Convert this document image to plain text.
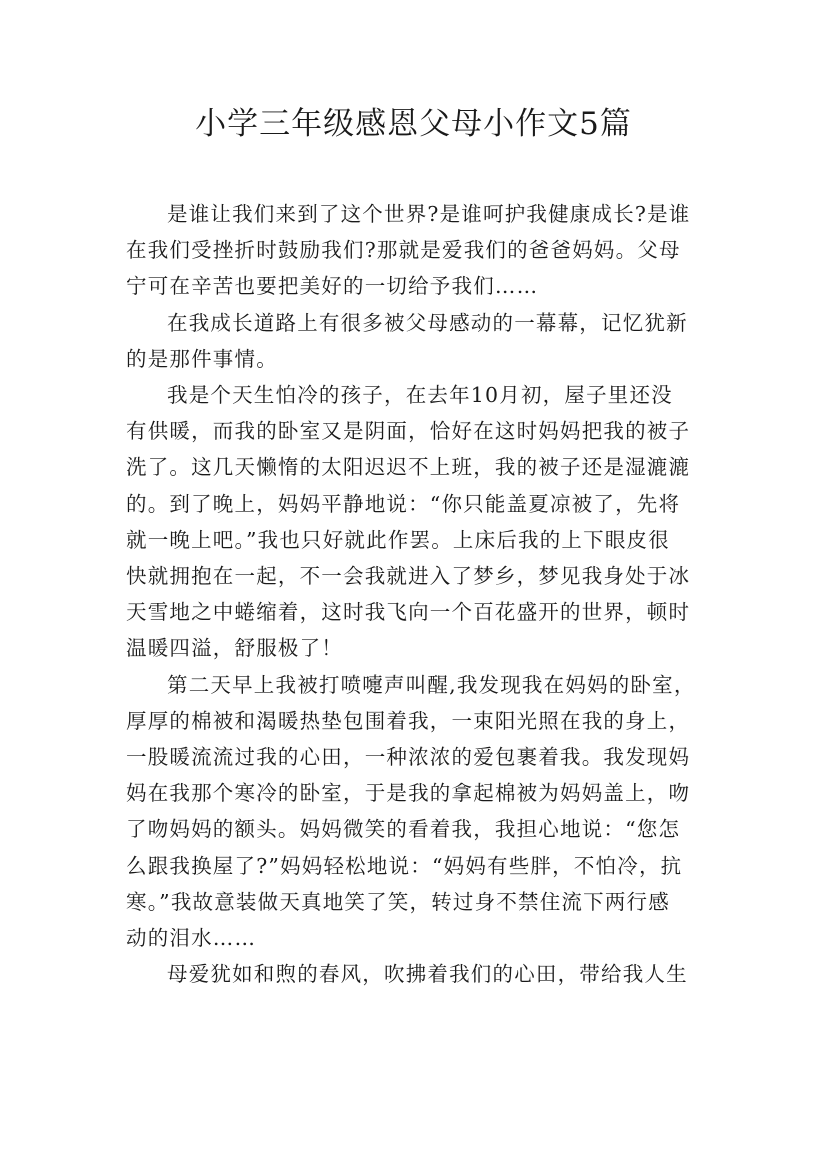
小学三年级感恩父母小作文5篇

是谁让我们来到了这个世界?是谁呵护我健康成长?是谁
在我们受挫折时鼓励我们?那就是爱我们的爸爸妈妈。父母
宁可在辛苦也要把美好的一切给予我们……

在我成长道路上有很多被父母感动的一幕幕，记忆犹新
的是那件事情。

我是个天生怕冷的孩子，在去年10月初，屋子里还没
有供暖，而我的卧室又是阴面，恰好在这时妈妈把我的被子
洗了。这几天懒惰的太阳迟迟不上班，我的被子还是湿漉漉
的。到了晚上，妈妈平静地说：“你只能盖夏凉被了，先将
就一晚上吧。”我也只好就此作罢。上床后我的上下眼皮很
快就拥抱在一起，不一会我就进入了梦乡，梦见我身处于冰
天雪地之中蜷缩着，这时我飞向一个百花盛开的世界，顿时
温暖四溢，舒服极了！

第二天早上我被打喷嚏声叫醒,我发现我在妈妈的卧室，
厚厚的棉被和渴暖热垫包围着我，一束阳光照在我的身上，
一股暖流流过我的心田，一种浓浓的爱包裹着我。我发现妈
妈在我那个寒冷的卧室，于是我的拿起棉被为妈妈盖上，吻
了吻妈妈的额头。妈妈微笑的看着我，我担心地说：“您怎
么跟我换屋了?”妈妈轻松地说：“妈妈有些胖，不怕冷，抗
寒。”我故意装做天真地笑了笑，转过身不禁住流下两行感
动的泪水……

母爱犹如和煦的春风，吹拂着我们的心田，带给我人生
